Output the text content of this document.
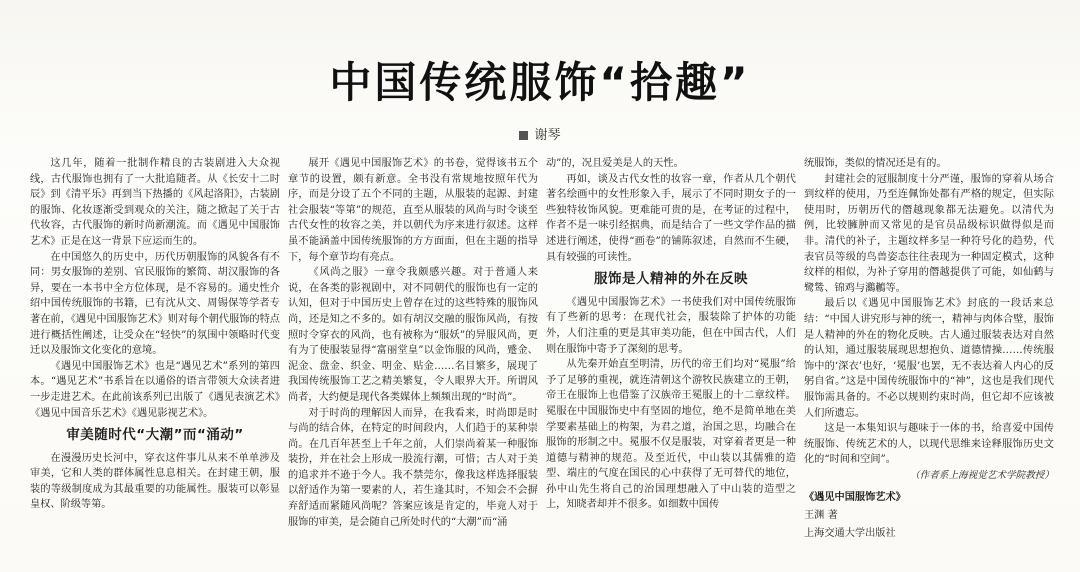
中国传统服饰“拾趣”
谢琴

这几年，随着一批制作精良的古装剧进入大众视线，古代服饰也拥有了一大批追随者。从《长安十二时辰》到《清平乐》再到当下热播的《风起洛阳》，古装剧的服饰、化妆逐渐受到观众的关注，随之掀起了关于古代妆容，古代服饰的新时尚新潮流。而《遇见中国服饰艺术》正是在这一背景下应运而生的。

在中国悠久的历史中，历代历朝服饰的风貌各有不同：男女服饰的差别、官民服饰的繁简、胡汉服饰的各异，要在一本书中全方位体现，是不容易的。通史性介绍中国传统服饰的书籍，已有沈从文、周锡保等学者专著在前，《遇见中国服饰艺术》则对每个朝代服饰的特点进行概括性阐述，让受众在“轻快”的氛围中领略时代变迁以及服饰文化变化的意境。

《遇见中国服饰艺术》也是“遇见艺术”系列的第四本。“遇见艺术”书系旨在以通俗的语言带领大众读者进一步走进艺术。在此前该系列已出版了《遇见表演艺术》《遇见中国音乐艺术》《遇见影视艺术》。

审美随时代“大潮”而“涌动”

在漫漫历史长河中，穿衣这件事儿从来不单单涉及审美，它和人类的群体属性息息相关。在封建王朝，服装的等级制度成为其最重要的功能属性。服装可以彰显皇权、阶级等第。

展开《遇见中国服饰艺术》的书卷，觉得该书五个章节的设置，颇有新意。全书没有常规地按照年代为序，而是分设了五个不同的主题，从服装的起源、封建社会服装“等第”的规范，直至从服装的风尚与时令谈至古代女性的妆容之美，并以朝代为序来进行叙述。这样虽不能涵盖中国传统服饰的方方面面，但在主题的指导下，每个章节均有亮点。

《风尚之服》一章令我颇感兴趣。对于普通人来说，在各类的影视剧中，对不同朝代的服饰也有一定的认知，但对于中国历史上曾存在过的这些特殊的服饰风尚，还是知之不多的。如有胡汉交融的服饰风尚，有按照时令穿衣的风尚，也有被称为“服妖”的异服风尚，更有为了使服装显得“富丽堂皇”以金饰服的风尚，蹙金、泥金、盘金、织金、明金、贴金……名目繁多，展现了我国传统服饰工艺之精美繁复，令人眼界大开。所谓风尚者，大约便是现代各类媒体上频频出现的“时尚”。

对于时尚的理解因人而异，在我看来，时尚即是时与尚的结合体，在特定的时间段内，人们趋于的某种崇尚。在几百年甚至上千年之前，人们崇尚着某一种服饰装扮，并在社会上形成一股流行潮，可惜；古人对于美的追求并不逊于今人。我不禁莞尔，像我这样选择服装以舒适作为第一要素的人，若生逢其时，不知会不会摒弃舒适而紧随风尚呢？答案应该是肯定的，毕竟人对于服饰的审美，是会随自己所处时代的“大潮”而“涌

动”的，况且爱美是人的天性。

再如，谈及古代女性的妆容一章，作者从几个朝代著名绘画中的女性形象入手，展示了不同时期女子的一些独特妆饰风貌。更难能可贵的是，在考证的过程中，作者不是一味引经据典，而是结合了一些文学作品的描述进行阐述，使得“画卷”的铺陈叙述，自然而不生硬，具有较强的可读性。

服饰是人精神的外在反映

《遇见中国服饰艺术》一书使我们对中国传统服饰有了些新的思考：在现代社会，服装除了护体的功能外，人们注重的更是其审美功能，但在中国古代，人们则在服饰中寄予了深刻的思考。

从先秦开始直至明清，历代的帝王们均对“冕服”给予了足够的重视，就连清朝这个游牧民族建立的王朝，帝王在服饰上也借鉴了汉族帝王冕服上的十二章纹样。冕服在中国服饰史中有坚固的地位，绝不是简单地在美学要素基础上的构架，为君之道，治国之思，均融合在服饰的形制之中。冕服不仅是服装，对穿着者更是一种道德与精神的规范。及至近代，中山装以其儒雅的造型、端庄的气度在国民的心中获得了无可替代的地位，孙中山先生将自己的治国理想融入了中山装的造型之上，知晓者却并不很多。如细数中国传

统服饰，类似的情况还是有的。

封建社会的冠服制度十分严谨，服饰的穿着从场合到纹样的使用，乃至连佩饰处都有严格的规定，但实际使用时，历朝历代的僭越现象都无法避免。以清代为例，比较臃肿而又常见的是官员品级标识做得似是而非。清代的补子，主题纹样多呈一种符号化的趋势，代表官员等级的鸟兽姿态往往表现为一种固定模式，这种纹样的相似，为补子穿用的僭越提供了可能，如仙鹤与鹭鸶、锦鸡与鸂鶒等。

最后以《遇见中国服饰艺术》封底的一段话来总结：“中国人讲究形与神的统一，精神与肉体合壁，服饰是人精神的外在的物化反映。古人通过服装表达对自然的认知，通过服装展现思想抱负、道德情操……传统服饰中的‘深衣’也好，‘冕服’也罢，无不表达着人内心的反躬自省。”这是中国传统服饰中的“神”，这也是我们现代服饰需具备的。不必以规则约束时尚，但它却不应该被人们所遗忘。

这是一本集知识与趣味于一体的书，给喜爱中国传统服饰、传统艺术的人，以现代思维来诠释服饰历史文化的“时间和空间”。

（作者系上海视觉艺术学院教授）

《遇见中国服饰艺术》
王渊 著
上海交通大学出版社
